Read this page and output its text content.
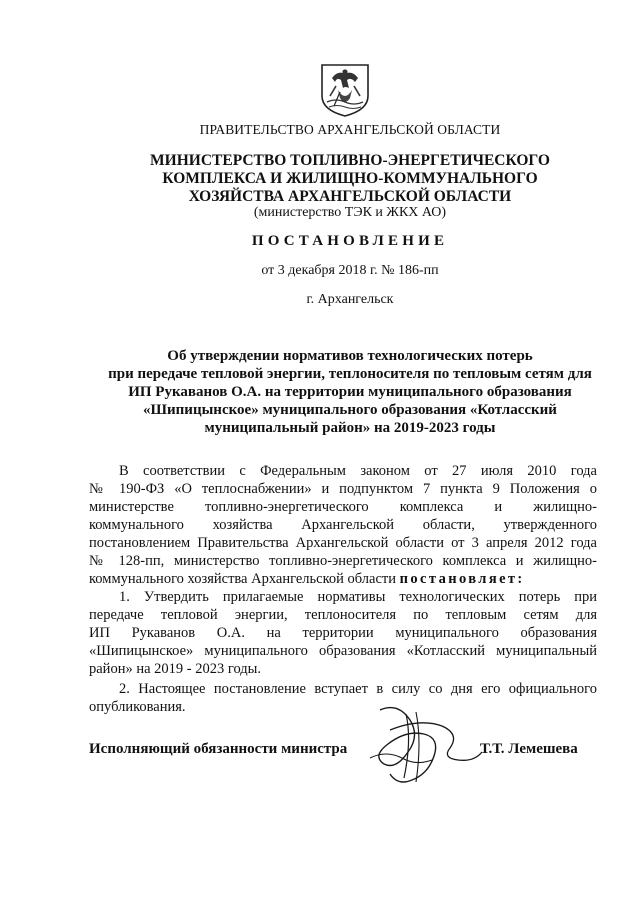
ПРАВИТЕЛЬСТВО АРХАНГЕЛЬСКОЙ ОБЛАСТИ
МИНИСТЕРСТВО ТОПЛИВНО-ЭНЕРГЕТИЧЕСКОГО
КОМПЛЕКСА И ЖИЛИЩНО-КОММУНАЛЬНОГО
ХОЗЯЙСТВА АРХАНГЕЛЬСКОЙ ОБЛАСТИ
(министерство ТЭК и ЖКХ АО)
ПОСТАНОВЛЕНИЕ
от 3 декабря 2018 г. № 186-пп
г. Архангельск
Об утверждении нормативов технологических потерь
при передаче тепловой энергии, теплоносителя по тепловым сетям для
ИП Рукаванов О.А. на территории муниципального образования
«Шипицынское» муниципального образования «Котласский
муниципальный район» на 2019-2023 годы
В соответствии с Федеральным законом от 27 июля 2010 года
№ 190-ФЗ «О теплоснабжении» и подпунктом 7 пункта 9 Положения о
министерстве топливно-энергетического комплекса и жилищно-
коммунального хозяйства Архангельской области, утвержденного
постановлением Правительства Архангельской области от 3 апреля 2012 года
№ 128-пп, министерство топливно-энергетического комплекса и жилищно-
коммунального хозяйства Архангельской области постановляет:
1. Утвердить прилагаемые нормативы технологических потерь при
передаче тепловой энергии, теплоносителя по тепловым сетям для
ИП Рукаванов О.А. на территории муниципального образования
«Шипицынское» муниципального образования «Котласский муниципальный
район» на 2019 - 2023 годы.
2. Настоящее постановление вступает в силу со дня его официального
опубликования.
Исполняющий обязанности министра	Т.Т. Лемешева
